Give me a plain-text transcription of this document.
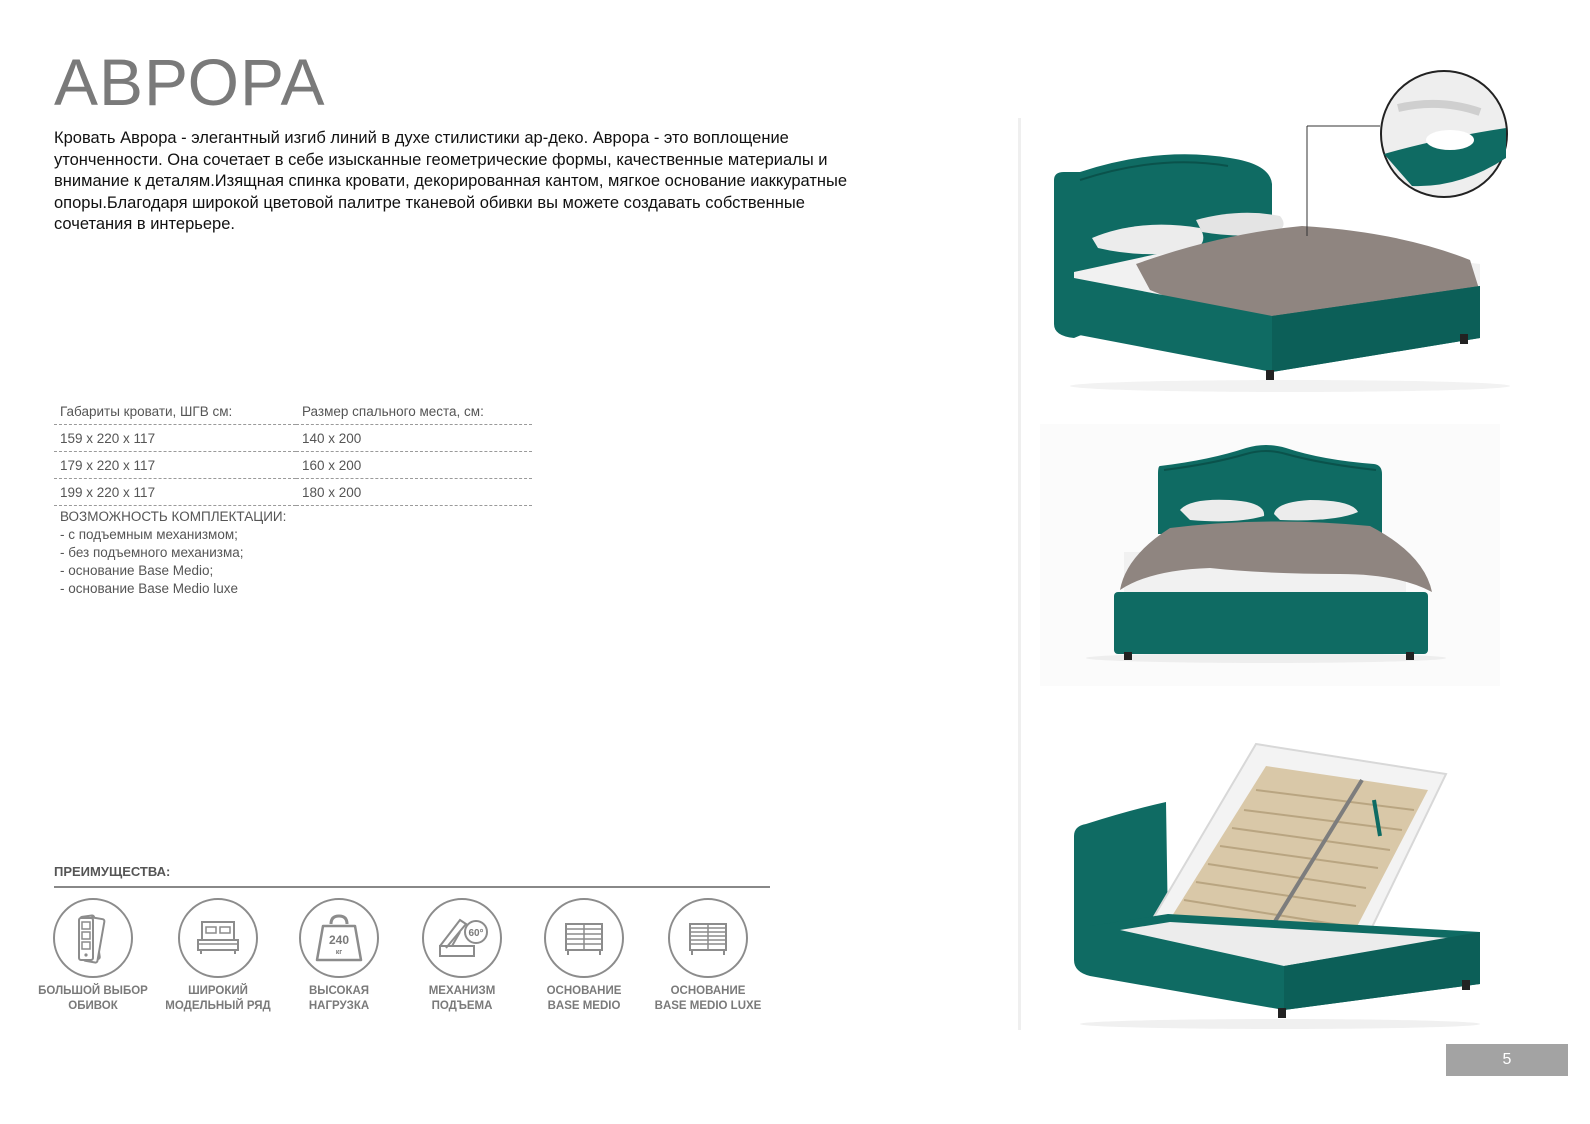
АВРОРА
Кровать Аврора - элегантный изгиб линий в духе стилистики ар-деко. Аврора - это воплощение утонченности. Она сочетает в себе изысканные геометрические формы, качественные материалы и внимание к деталям.Изящная спинка кровати, декорированная кантом, мягкое основание иаккуратные опоры.Благодаря широкой цветовой палитре тканевой обивки вы можете создавать собственные сочетания в интерьере.
Габариты кровати, ШГВ см:	Размер спального места, см:
159 x 220 x 117	140 x 200
179 x 220 x 117	160 x 200
199 x 220 x 117	180 x 200
ВОЗМОЖНОСТЬ КОМПЛЕКТАЦИИ:
- с подъемным механизмом;
- без подъемного механизма;
- основание Base Medio;
- основание Base Medio luxe
ПРЕИМУЩЕСТВА:
БОЛЬШОЙ ВЫБОР
ОБИВОК
ШИРОКИЙ
МОДЕЛЬНЫЙ РЯД
240
кг
ВЫСОКАЯ
НАГРУЗКА
60°
МЕХАНИЗМ
ПОДЪЕМА
ОСНОВАНИЕ
BASE MEDIO
ОСНОВАНИЕ
BASE MEDIO LUXE
5
